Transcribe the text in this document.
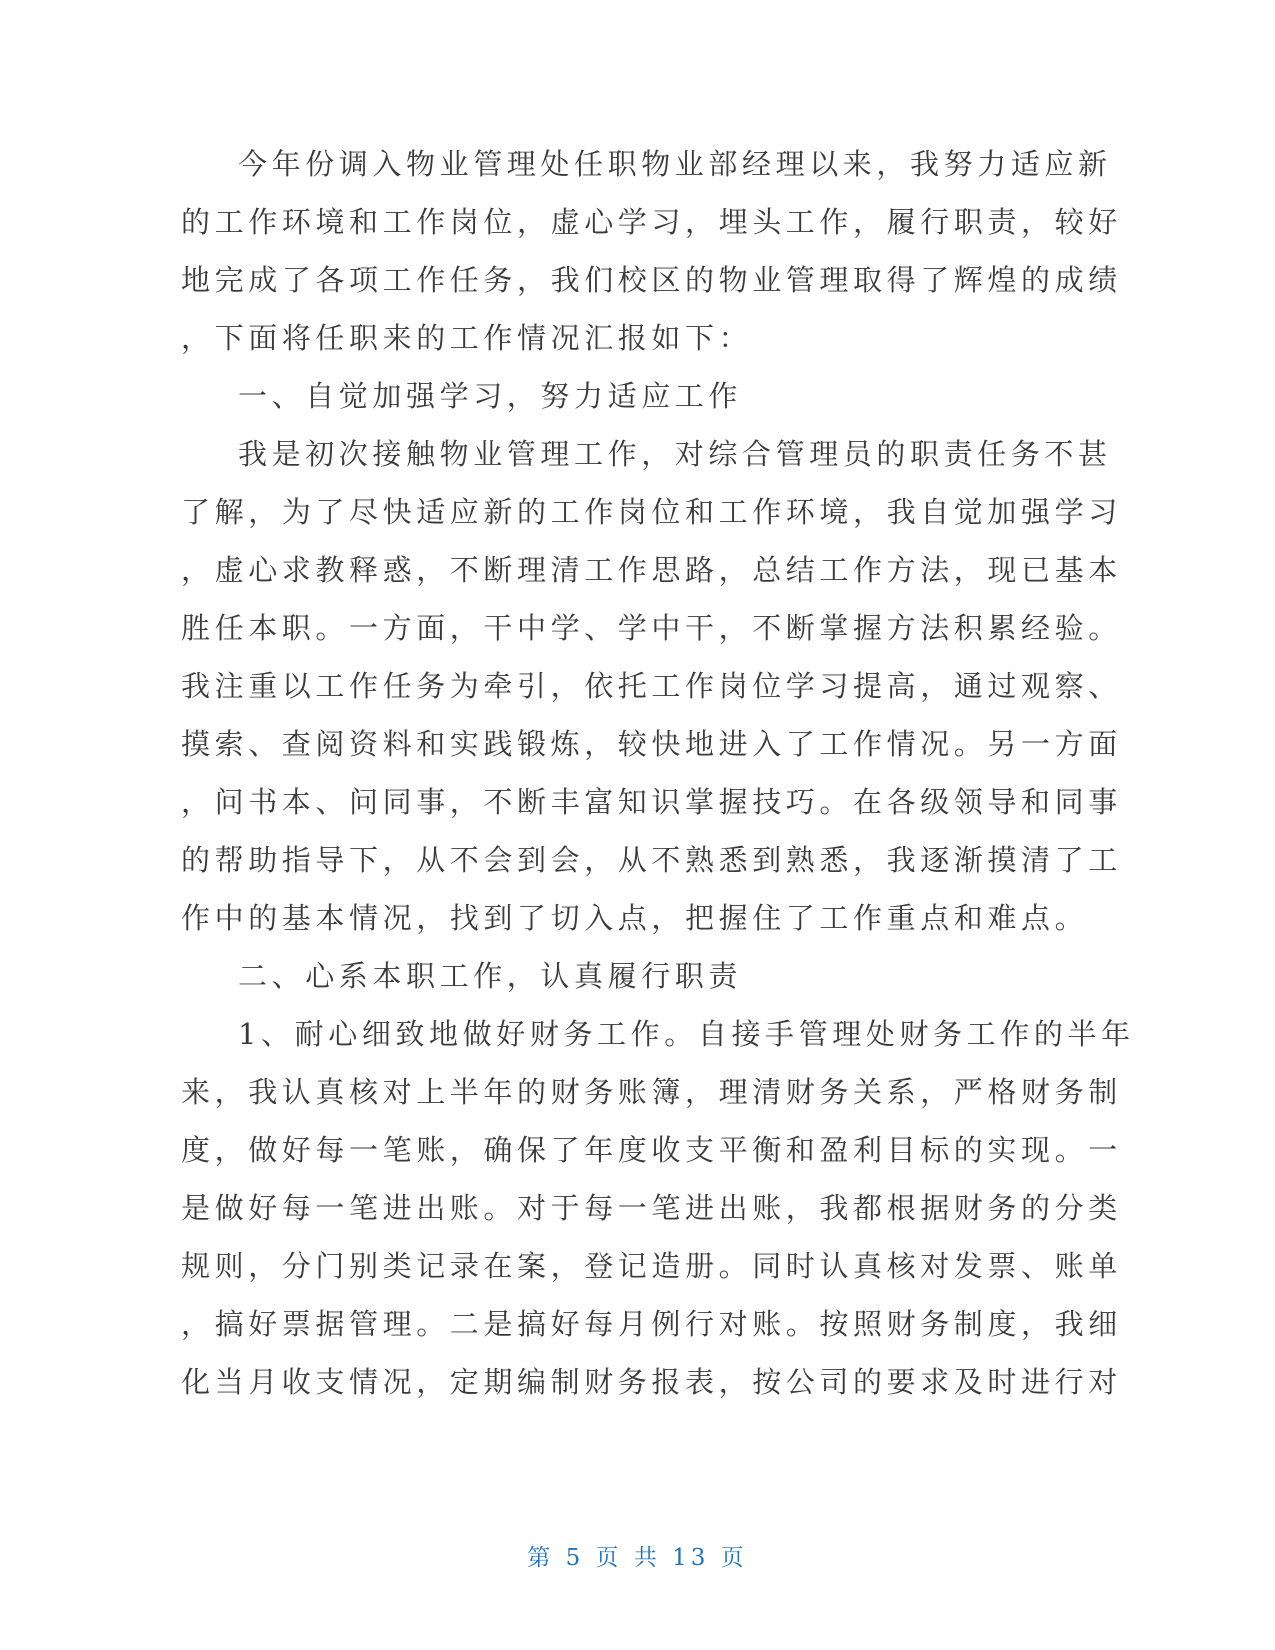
今年份调入物业管理处任职物业部经理以来，我努力适应新
的工作环境和工作岗位，虚心学习，埋头工作，履行职责，较好
地完成了各项工作任务，我们校区的物业管理取得了辉煌的成绩
，下面将任职来的工作情况汇报如下：
一、自觉加强学习，努力适应工作
我是初次接触物业管理工作，对综合管理员的职责任务不甚
了解，为了尽快适应新的工作岗位和工作环境，我自觉加强学习
，虚心求教释惑，不断理清工作思路，总结工作方法，现已基本
胜任本职。一方面，干中学、学中干，不断掌握方法积累经验。
我注重以工作任务为牵引，依托工作岗位学习提高，通过观察、
摸索、查阅资料和实践锻炼，较快地进入了工作情况。另一方面
，问书本、问同事，不断丰富知识掌握技巧。在各级领导和同事
的帮助指导下，从不会到会，从不熟悉到熟悉，我逐渐摸清了工
作中的基本情况，找到了切入点，把握住了工作重点和难点。
二、心系本职工作，认真履行职责
1、耐心细致地做好财务工作。自接手管理处财务工作的半年
来，我认真核对上半年的财务账簿，理清财务关系，严格财务制
度，做好每一笔账，确保了年度收支平衡和盈利目标的实现。一
是做好每一笔进出账。对于每一笔进出账，我都根据财务的分类
规则，分门别类记录在案，登记造册。同时认真核对发票、账单
，搞好票据管理。二是搞好每月例行对账。按照财务制度，我细
化当月收支情况，定期编制财务报表，按公司的要求及时进行对
第 5 页 共 13 页
